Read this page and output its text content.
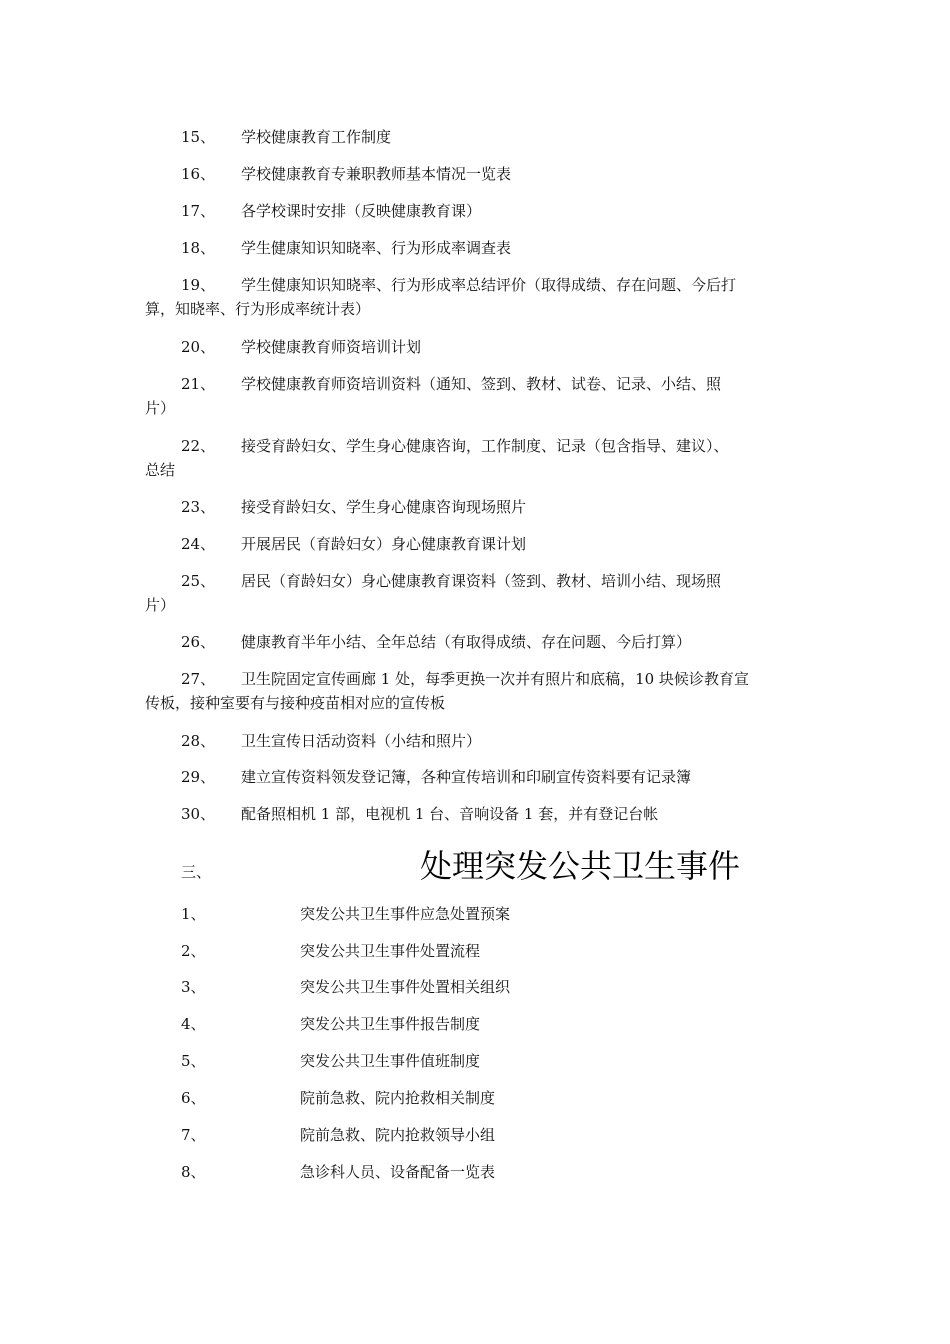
15、 学校健康教育工作制度
16、 学校健康教育专兼职教师基本情况一览表
17、 各学校课时安排（反映健康教育课）
18、 学生健康知识知晓率、行为形成率调查表
19、 学生健康知识知晓率、行为形成率总结评价（取得成绩、存在问题、今后打
算，知晓率、行为形成率统计表）
20、 学校健康教育师资培训计划
21、 学校健康教育师资培训资料（通知、签到、教材、试卷、记录、小结、照
片）
22、 接受育龄妇女、学生身心健康咨询，工作制度、记录（包含指导、建议）、
总结
23、 接受育龄妇女、学生身心健康咨询现场照片
24、 开展居民（育龄妇女）身心健康教育课计划
25、 居民（育龄妇女）身心健康教育课资料（签到、教材、培训小结、现场照
片）
26、 健康教育半年小结、全年总结（有取得成绩、存在问题、今后打算）
27、 卫生院固定宣传画廊 1 处，每季更换一次并有照片和底稿，10 块候诊教育宣
传板，接种室要有与接种疫苗相对应的宣传板
28、 卫生宣传日活动资料（小结和照片）
29、 建立宣传资料领发登记簿，各种宣传培训和印刷宣传资料要有记录簿
30、 配备照相机 1 部，电视机 1 台、音响设备 1 套，并有登记台帐
三、	处理突发公共卫生事件
1、	突发公共卫生事件应急处置预案
2、	突发公共卫生事件处置流程
3、	突发公共卫生事件处置相关组织
4、	突发公共卫生事件报告制度
5、	突发公共卫生事件值班制度
6、	院前急救、院内抢救相关制度
7、	院前急救、院内抢救领导小组
8、	急诊科人员、设备配备一览表
